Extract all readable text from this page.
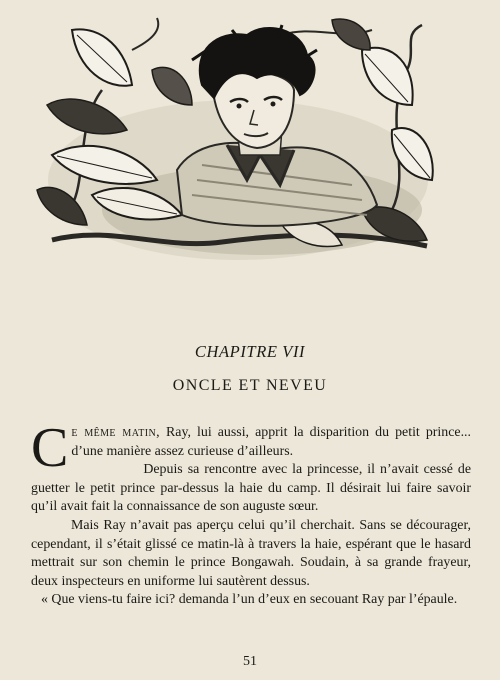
CHAPITRE VII
ONCLE ET NEVEU

Ce même matin, Ray, lui aussi, apprit la disparition du petit prince... d’une manière assez curieuse d’ailleurs.

Depuis sa rencontre avec la princesse, il n’avait cessé de guetter le petit prince par-dessus la haie du camp. Il désirait lui faire savoir qu’il avait fait la connaissance de son auguste sœur.

Mais Ray n’avait pas aperçu celui qu’il cherchait. Sans se décourager, cependant, il s’était glissé ce matin-là à travers la haie, espérant que le hasard mettrait sur son chemin le prince Bongawah. Soudain, à sa grande frayeur, deux inspecteurs en uniforme lui sautèrent dessus.

« Que viens-tu faire ici? demanda l’un d’eux en secouant Ray par l’épaule.

51
